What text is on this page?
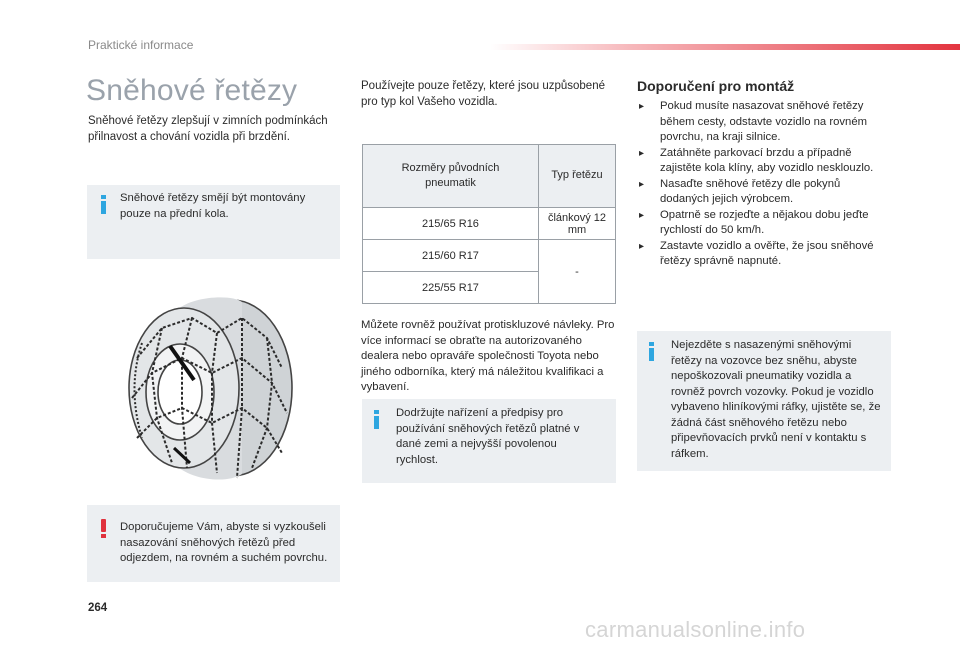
Praktické informace
Sněhové řetězy
Sněhové řetězy zlepšují v zimních podmínkách přilnavost a chování vozidla při brzdění.
Sněhové řetězy smějí být montovány pouze na přední kola.
Doporučujeme Vám, abyste si vyzkoušeli nasazování sněhových řetězů před odjezdem, na rovném a suchém povrchu.
Používejte pouze řetězy, které jsou uzpůsobené pro typ kol Vašeho vozidla.
Rozměry původních pneumatik	Typ řetězu
215/65 R16	článkový 12 mm
215/60 R17	-
225/55 R17	
Můžete rovněž používat protiskluzové návleky. Pro více informací se obraťte na autorizovaného dealera nebo opraváře společnosti Toyota nebo jiného odborníka, který má náležitou kvalifikaci a vybavení.
Dodržujte nařízení a předpisy pro používání sněhových řetězů platné v dané zemi a nejvyšší povolenou rychlost.
Doporučení pro montáž
▸ Pokud musíte nasazovat sněhové řetězy během cesty, odstavte vozidlo na rovném povrchu, na kraji silnice.
▸ Zatáhněte parkovací brzdu a případně zajistěte kola klíny, aby vozidlo nesklouzlo.
▸ Nasaďte sněhové řetězy dle pokynů dodaných jejich výrobcem.
▸ Opatrně se rozjeďte a nějakou dobu jeďte rychlostí do 50 km/h.
▸ Zastavte vozidlo a ověřte, že jsou sněhové řetězy správně napnuté.
Nejezděte s nasazenými sněhovými řetězy na vozovce bez sněhu, abyste nepoškozovali pneumatiky vozidla a rovněž povrch vozovky. Pokud je vozidlo vybaveno hliníkovými ráfky, ujistěte se, že žádná část sněhového řetězu nebo připevňovacích prvků není v kontaktu s ráfkem.
264
carmanualsonline.info
